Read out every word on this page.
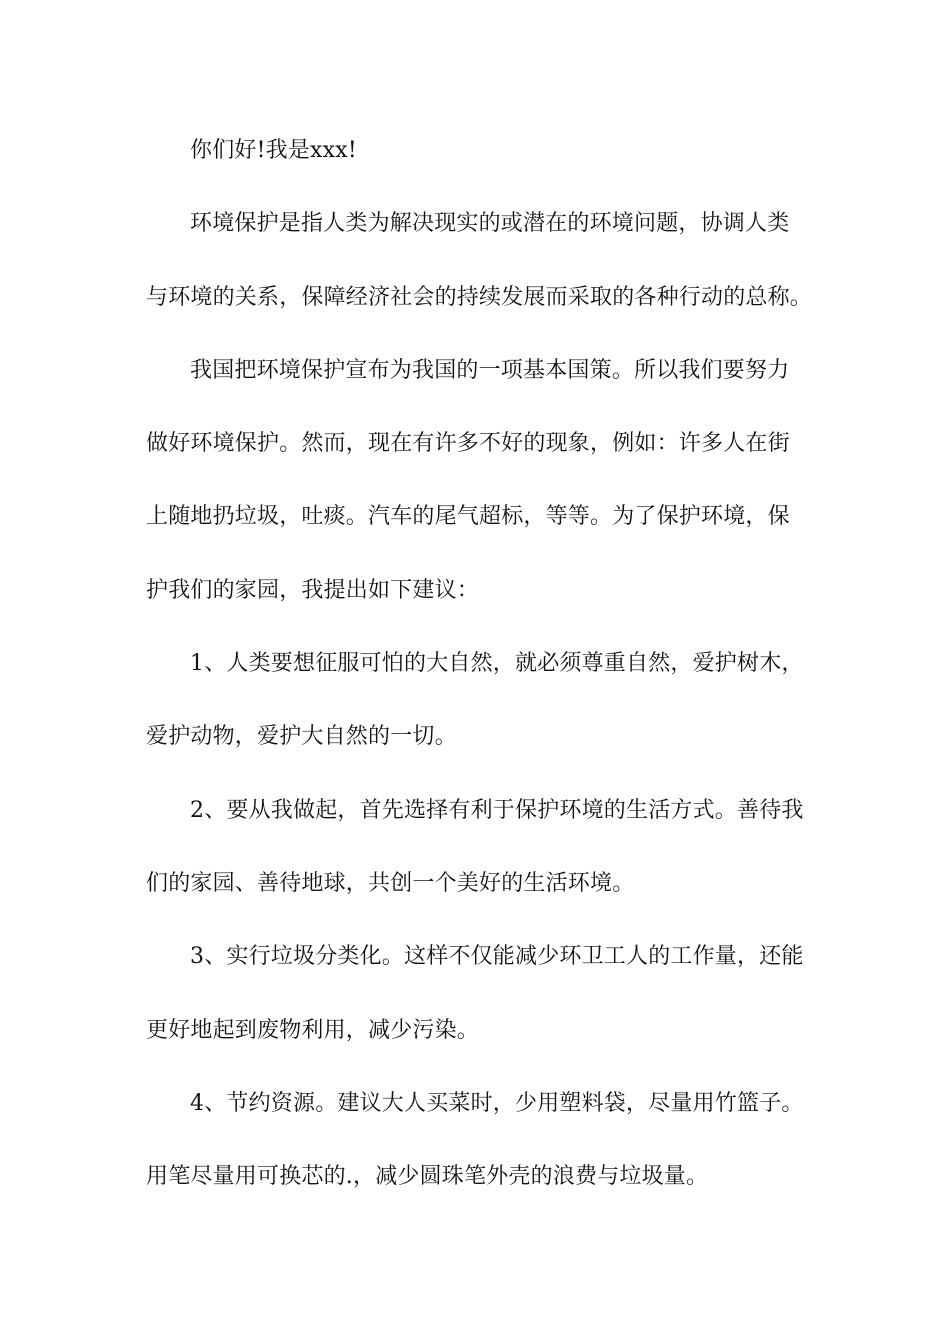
你们好!我是xxx!
环境保护是指人类为解决现实的或潜在的环境问题，协调人类
与环境的关系，保障经济社会的持续发展而采取的各种行动的总称。
我国把环境保护宣布为我国的一项基本国策。所以我们要努力
做好环境保护。然而，现在有许多不好的现象，例如：许多人在街
上随地扔垃圾，吐痰。汽车的尾气超标，等等。为了保护环境，保
护我们的家园，我提出如下建议：
1、人类要想征服可怕的大自然，就必须尊重自然，爱护树木，
爱护动物，爱护大自然的一切。
2、要从我做起，首先选择有利于保护环境的生活方式。善待我
们的家园、善待地球，共创一个美好的生活环境。
3、实行垃圾分类化。这样不仅能减少环卫工人的工作量，还能
更好地起到废物利用，减少污染。
4、节约资源。建议大人买菜时，少用塑料袋，尽量用竹篮子。
用笔尽量用可换芯的.，减少圆珠笔外壳的浪费与垃圾量。
